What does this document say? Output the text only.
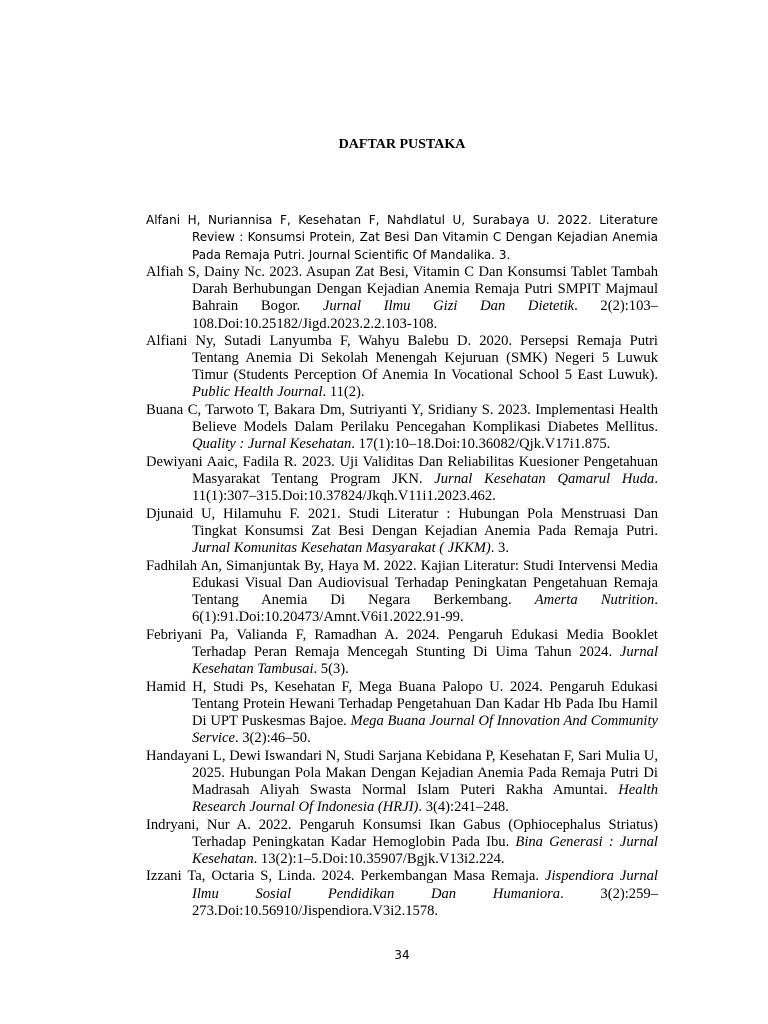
DAFTAR PUSTAKA

Alfani H, Nuriannisa F, Kesehatan F, Nahdlatul U, Surabaya U. 2022. Literature Review : Konsumsi Protein, Zat Besi Dan Vitamin C Dengan Kejadian Anemia Pada Remaja Putri. Journal Scientific Of Mandalika. 3.

Alfiah S, Dainy Nc. 2023. Asupan Zat Besi, Vitamin C Dan Konsumsi Tablet Tambah Darah Berhubungan Dengan Kejadian Anemia Remaja Putri SMPIT Majmaul Bahrain Bogor. Jurnal Ilmu Gizi Dan Dietetik. 2(2):103–108.Doi:10.25182/Jigd.2023.2.2.103-108.

Alfiani Ny, Sutadi Lanyumba F, Wahyu Balebu D. 2020. Persepsi Remaja Putri Tentang Anemia Di Sekolah Menengah Kejuruan (SMK) Negeri 5 Luwuk Timur (Students Perception Of Anemia In Vocational School 5 East Luwuk). Public Health Journal. 11(2).

Buana C, Tarwoto T, Bakara Dm, Sutriyanti Y, Sridiany S. 2023. Implementasi Health Believe Models Dalam Perilaku Pencegahan Komplikasi Diabetes Mellitus. Quality : Jurnal Kesehatan. 17(1):10–18.Doi:10.36082/Qjk.V17i1.875.

Dewiyani Aaic, Fadila R. 2023. Uji Validitas Dan Reliabilitas Kuesioner Pengetahuan Masyarakat Tentang Program JKN. Jurnal Kesehatan Qamarul Huda. 11(1):307–315.Doi:10.37824/Jkqh.V11i1.2023.462.

Djunaid U, Hilamuhu F. 2021. Studi Literatur : Hubungan Pola Menstruasi Dan Tingkat Konsumsi Zat Besi Dengan Kejadian Anemia Pada Remaja Putri. Jurnal Komunitas Kesehatan Masyarakat ( JKKM). 3.

Fadhilah An, Simanjuntak By, Haya M. 2022. Kajian Literatur: Studi Intervensi Media Edukasi Visual Dan Audiovisual Terhadap Peningkatan Pengetahuan Remaja Tentang Anemia Di Negara Berkembang. Amerta Nutrition. 6(1):91.Doi:10.20473/Amnt.V6i1.2022.91-99.

Febriyani Pa, Valianda F, Ramadhan A. 2024. Pengaruh Edukasi Media Booklet Terhadap Peran Remaja Mencegah Stunting Di Uima Tahun 2024. Jurnal Kesehatan Tambusai. 5(3).

Hamid H, Studi Ps, Kesehatan F, Mega Buana Palopo U. 2024. Pengaruh Edukasi Tentang Protein Hewani Terhadap Pengetahuan Dan Kadar Hb Pada Ibu Hamil Di UPT Puskesmas Bajoe. Mega Buana Journal Of Innovation And Community Service. 3(2):46–50.

Handayani L, Dewi Iswandari N, Studi Sarjana Kebidana P, Kesehatan F, Sari Mulia U, 2025. Hubungan Pola Makan Dengan Kejadian Anemia Pada Remaja Putri Di Madrasah Aliyah Swasta Normal Islam Puteri Rakha Amuntai. Health Research Journal Of Indonesia (HRJI). 3(4):241–248.

Indryani, Nur A. 2022. Pengaruh Konsumsi Ikan Gabus (Ophiocephalus Striatus) Terhadap Peningkatan Kadar Hemoglobin Pada Ibu. Bina Generasi : Jurnal Kesehatan. 13(2):1–5.Doi:10.35907/Bgjk.V13i2.224.

Izzani Ta, Octaria S, Linda. 2024. Perkembangan Masa Remaja. Jispendiora Jurnal Ilmu Sosial Pendidikan Dan Humaniora. 3(2):259–273.Doi:10.56910/Jispendiora.V3i2.1578.

34
